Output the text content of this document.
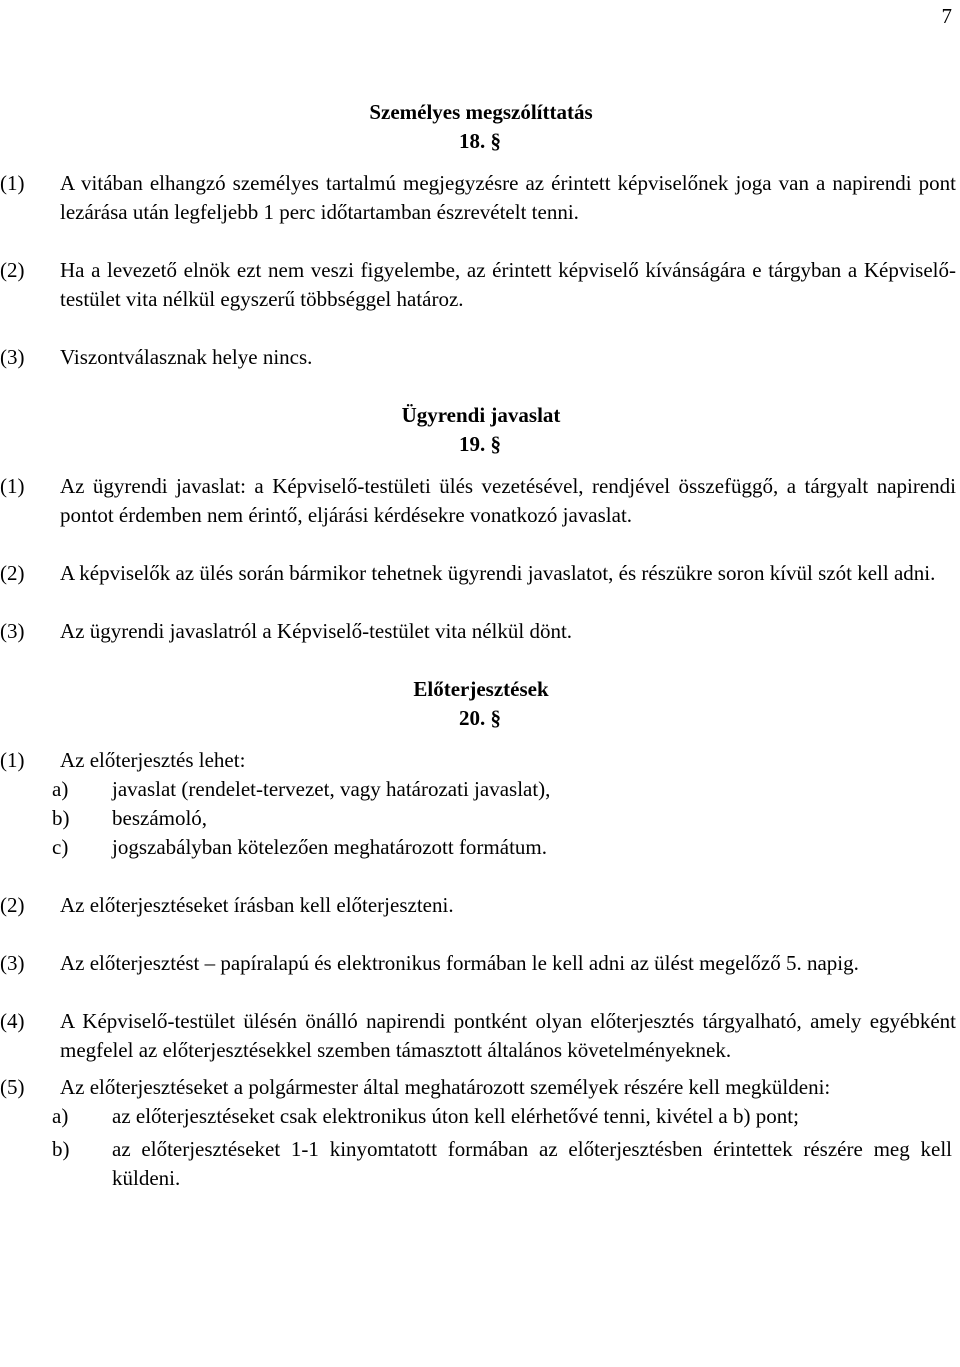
7
Személyes megszólíttatás
18. §
(1)	A vitában elhangzó személyes tartalmú megjegyzésre az érintett képviselőnek joga van a napirendi pont lezárása után legfeljebb 1 perc időtartamban észrevételt tenni.
(2)	Ha a levezető elnök ezt nem veszi figyelembe, az érintett képviselő kívánságára e tárgyban a Képviselő-testület vita nélkül egyszerű többséggel határoz.
(3)	Viszontválasznak helye nincs.
Ügyrendi javaslat
19. §
(1)	Az ügyrendi javaslat: a Képviselő-testületi ülés vezetésével, rendjével összefüggő, a tárgyalt napirendi pontot érdemben nem érintő, eljárási kérdésekre vonatkozó javaslat.
(2)	A képviselők az ülés során bármikor tehetnek ügyrendi javaslatot, és részükre soron kívül szót kell adni.
(3)	Az ügyrendi javaslatról a Képviselő-testület vita nélkül dönt.
Előterjesztések
20. §
(1)	Az előterjesztés lehet:
a)	javaslat (rendelet-tervezet, vagy határozati javaslat),
b)	beszámoló,
c)	jogszabályban kötelezően meghatározott formátum.
(2)	Az előterjesztéseket írásban kell előterjeszteni.
(3)	Az előterjesztést – papíralapú és elektronikus formában le kell adni az ülést megelőző 5. napig.
(4)	A Képviselő-testület ülésén önálló napirendi pontként olyan előterjesztés tárgyalható, amely egyébként megfelel az előterjesztésekkel szemben támasztott általános követelményeknek.
(5)	Az előterjesztéseket a polgármester által meghatározott személyek részére kell megküldeni:
a)	az előterjesztéseket csak elektronikus úton kell elérhetővé tenni, kivétel a b) pont;
b)	az előterjesztéseket 1-1 kinyomtatott formában az előterjesztésben érintettek részére meg kell küldeni.
